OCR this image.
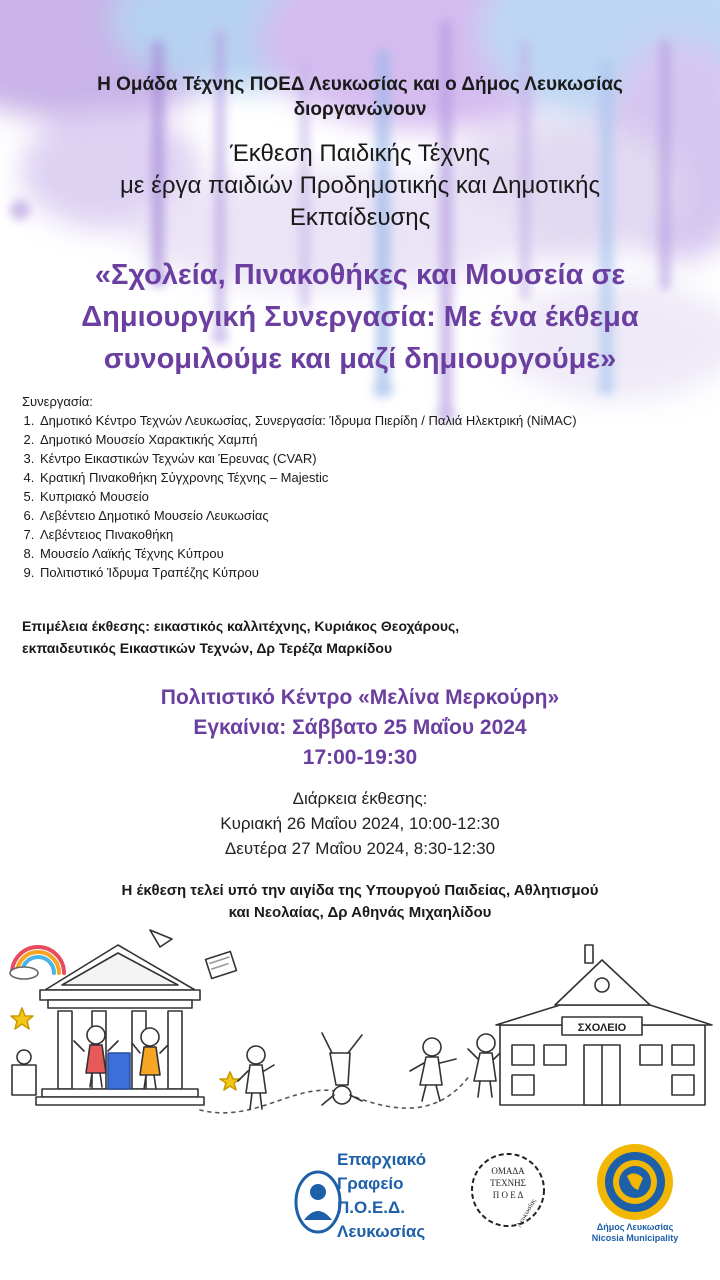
Η Ομάδα Τέχνης ΠΟΕΔ Λευκωσίας και ο Δήμος Λευκωσίας
διοργανώνουν
Έκθεση Παιδικής Τέχνης
με έργα παιδιών Προδημοτικής και Δημοτικής
Εκπαίδευσης
«Σχολεία, Πινακοθήκες και Μουσεία σε
Δημιουργική Συνεργασία: Με ένα έκθεμα
συνομιλούμε και μαζί δημιουργούμε»
Συνεργασία:
1. Δημοτικό Κέντρο Τεχνών Λευκωσίας, Συνεργασία: Ίδρυμα Πιερίδη / Παλιά Ηλεκτρική (NiMAC)
2. Δημοτικό Μουσείο Χαρακτικής Χαμπή
3. Κέντρο Εικαστικών Τεχνών και Έρευνας (CVAR)
4. Κρατική Πινακοθήκη Σύγχρονης Τέχνης – Majestic
5. Κυπριακό Μουσείο
6. Λεβέντειο Δημοτικό Μουσείο Λευκωσίας
7. Λεβέντειος Πινακοθήκη
8. Μουσείο Λαϊκής Τέχνης Κύπρου
9. Πολιτιστικό Ίδρυμα Τραπέζης Κύπρου
Επιμέλεια έκθεσης: εικαστικός καλλιτέχνης, Κυριάκος Θεοχάρους,
εκπαιδευτικός Εικαστικών Τεχνών, Δρ Τερέζα Μαρκίδου
Πολιτιστικό Κέντρο «Μελίνα Μερκούρη»
Εγκαίνια: Σάββατο 25 Μαΐου 2024
17:00-19:30
Διάρκεια έκθεσης:
Κυριακή 26 Μαΐου 2024, 10:00-12:30
Δευτέρα 27 Μαΐου 2024, 8:30-12:30
Η έκθεση τελεί υπό την αιγίδα της Υπουργού Παιδείας, Αθλητισμού
και Νεολαίας, Δρ Αθηνάς Μιχαηλίδου
ΣΧΟΛΕΙΟ
ΟΜΑΔΑ
ΤΕΧΝΗΣ
Π Ο Ε Δ
Λευκωσίας
Επαρχιακό
Γραφείο
Π.Ο.Ε.Δ.
Λευκωσίας	Δήμος Λευκωσίας
Nicosia Municipality
